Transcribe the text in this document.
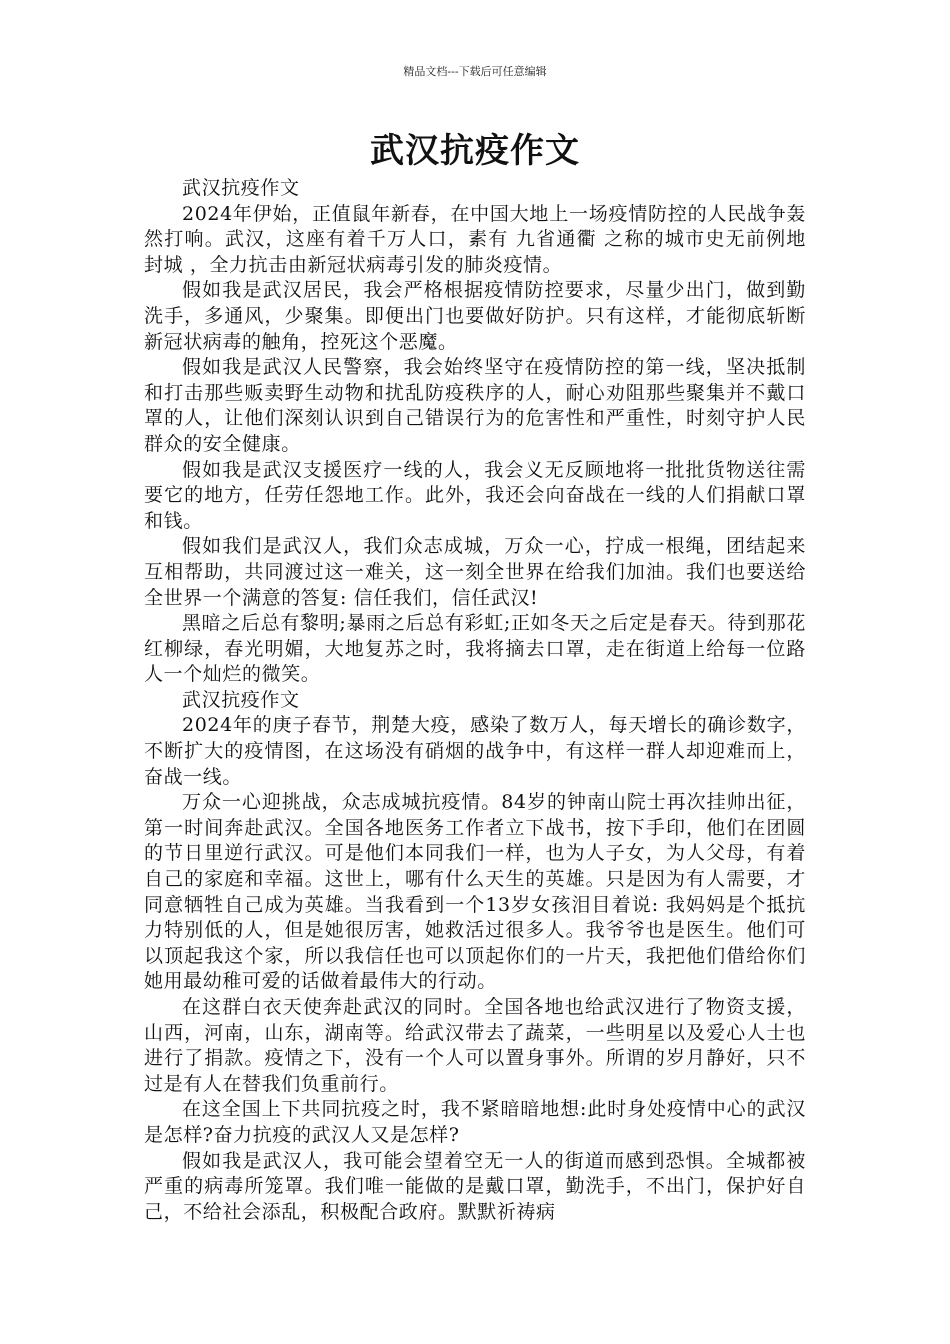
精品文档---下载后可任意编辑
武汉抗疫作文

武汉抗疫作文

2024年伊始，正值鼠年新春，在中国大地上一场疫情防控的人民战争轰然打响。武汉，这座有着千万人口，素有 九省通衢 之称的城市史无前例地 封城 ，全力抗击由新冠状病毒引发的肺炎疫情。

假如我是武汉居民，我会严格根据疫情防控要求，尽量少出门，做到勤洗手，多通风，少聚集。即便出门也要做好防护。只有这样，才能彻底斩断新冠状病毒的触角，控死这个恶魔。

假如我是武汉人民警察，我会始终坚守在疫情防控的第一线，坚决抵制和打击那些贩卖野生动物和扰乱防疫秩序的人，耐心劝阻那些聚集并不戴口罩的人，让他们深刻认识到自己错误行为的危害性和严重性，时刻守护人民群众的安全健康。

假如我是武汉支援医疗一线的人，我会义无反顾地将一批批货物送往需要它的地方，任劳任怨地工作。此外，我还会向奋战在一线的人们捐献口罩和钱。

假如我们是武汉人，我们众志成城，万众一心，拧成一根绳，团结起来互相帮助，共同渡过这一难关，这一刻全世界在给我们加油。我们也要送给全世界一个满意的答复: 信任我们，信任武汉!

黑暗之后总有黎明;暴雨之后总有彩虹;正如冬天之后定是春天。待到那花红柳绿，春光明媚，大地复苏之时，我将摘去口罩，走在街道上给每一位路人一个灿烂的微笑。

武汉抗疫作文

2024年的庚子春节，荆楚大疫，感染了数万人，每天增长的确诊数字，不断扩大的疫情图，在这场没有硝烟的战争中，有这样一群人却迎难而上，奋战一线。

万众一心迎挑战，众志成城抗疫情。84岁的钟南山院士再次挂帅出征，第一时间奔赴武汉。全国各地医务工作者立下战书，按下手印，他们在团圆的节日里逆行武汉。可是他们本同我们一样，也为人子女，为人父母，有着自己的家庭和幸福。这世上，哪有什么天生的英雄。只是因为有人需要，才同意牺牲自己成为英雄。当我看到一个13岁女孩泪目着说: 我妈妈是个抵抗力特别低的人，但是她很厉害，她救活过很多人。我爷爷也是医生。他们可以顶起我这个家，所以我信任也可以顶起你们的一片天，我把他们借给你们 她用最幼稚可爱的话做着最伟大的行动。

在这群白衣天使奔赴武汉的同时。全国各地也给武汉进行了物资支援，山西，河南，山东，湖南等。给武汉带去了蔬菜，一些明星以及爱心人士也进行了捐款。疫情之下，没有一个人可以置身事外。所谓的岁月静好，只不过是有人在替我们负重前行。

在这全国上下共同抗疫之时，我不紧暗暗地想:此时身处疫情中心的武汉是怎样?奋力抗疫的武汉人又是怎样?

假如我是武汉人，我可能会望着空无一人的街道而感到恐惧。全城都被严重的病毒所笼罩。我们唯一能做的是戴口罩，勤洗手，不出门，保护好自己，不给社会添乱，积极配合政府。默默祈祷病
